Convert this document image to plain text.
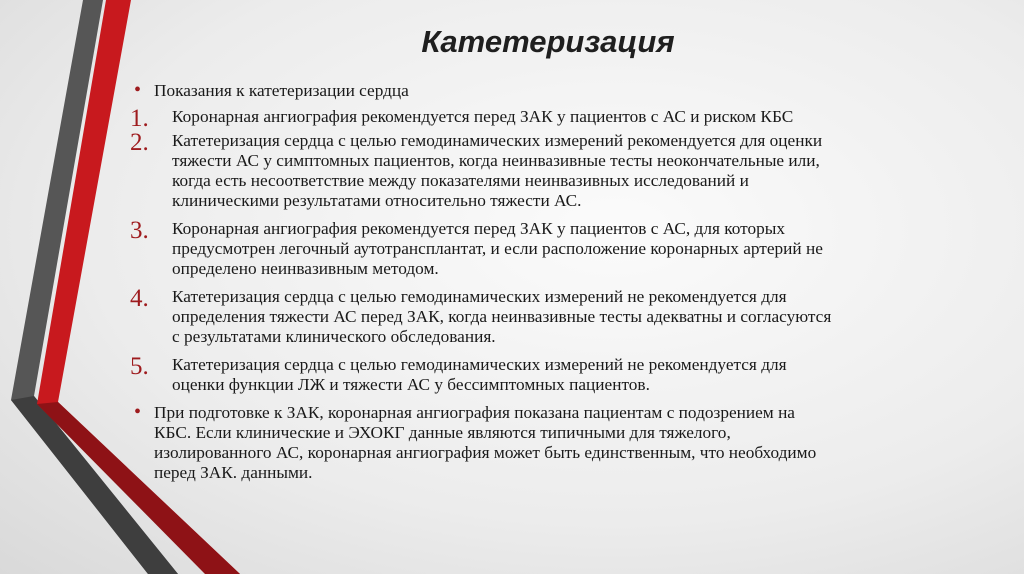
Катетеризация
• Показания к катетеризации сердца
1. Коронарная ангиография рекомендуется перед ЗАК у пациентов с АС и риском КБС
2. Катетеризация сердца с целью гемодинамических измерений рекомендуется для оценки
тяжести АС у симптомных пациентов, когда неинвазивные тесты неокончательные или,
когда есть несоответствие между показателями неинвазивных исследований и
клиническими результатами относительно тяжести АС.
3. Коронарная ангиография рекомендуется перед ЗАК у пациентов с АС, для которых
предусмотрен легочный аутотрансплантат, и если расположение коронарных артерий не
определено неинвазивным методом.
4. Катетеризация сердца с целью гемодинамических измерений не рекомендуется для
определения тяжести АС перед ЗАК, когда неинвазивные тесты адекватны и согласуются
с результатами клинического обследования.
5. Катетеризация сердца с целью гемодинамических измерений не рекомендуется для
оценки функции ЛЖ и тяжести АС у бессимптомных пациентов.
• При подготовке к ЗАК, коронарная ангиография показана пациентам с подозрением на
КБС. Если клинические и ЭХОКГ данные являются типичными для тяжелого,
изолированного АС, коронарная ангиография может быть единственным, что необходимо
перед ЗАК. данными.
